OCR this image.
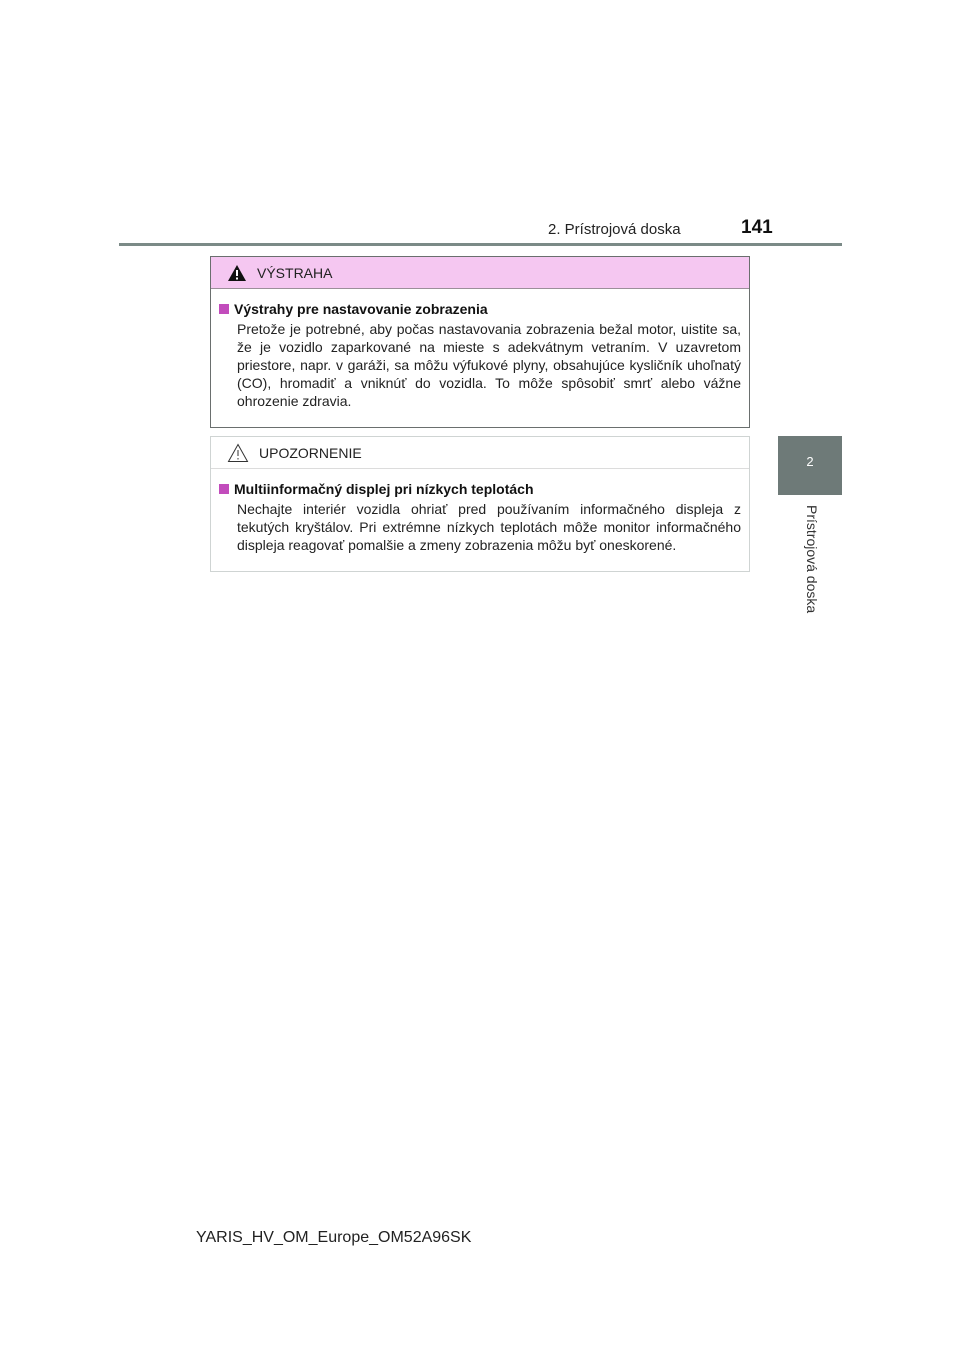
2. Prístrojová doska	141
2
Prístrojová doska
VÝSTRAHA
Výstrahy pre nastavovanie zobrazenia
Pretože je potrebné, aby počas nastavovania zobrazenia bežal motor, uistite sa, že je vozidlo zaparkované na mieste s adekvátnym vetraním. V uzavretom priestore, napr. v garáži, sa môžu výfukové plyny, obsahujúce kysličník uhoľnatý (CO), hromadiť a vniknúť do vozidla. To môže spôsobiť smrť alebo vážne ohrozenie zdravia.
UPOZORNENIE
Multiinformačný displej pri nízkych teplotách
Nechajte interiér vozidla ohriať pred používaním informačného displeja z tekutých kryštálov. Pri extrémne nízkych teplotách môže monitor informačného displeja reagovať pomalšie a zmeny zobrazenia môžu byť oneskorené.
YARIS_HV_OM_Europe_OM52A96SK
